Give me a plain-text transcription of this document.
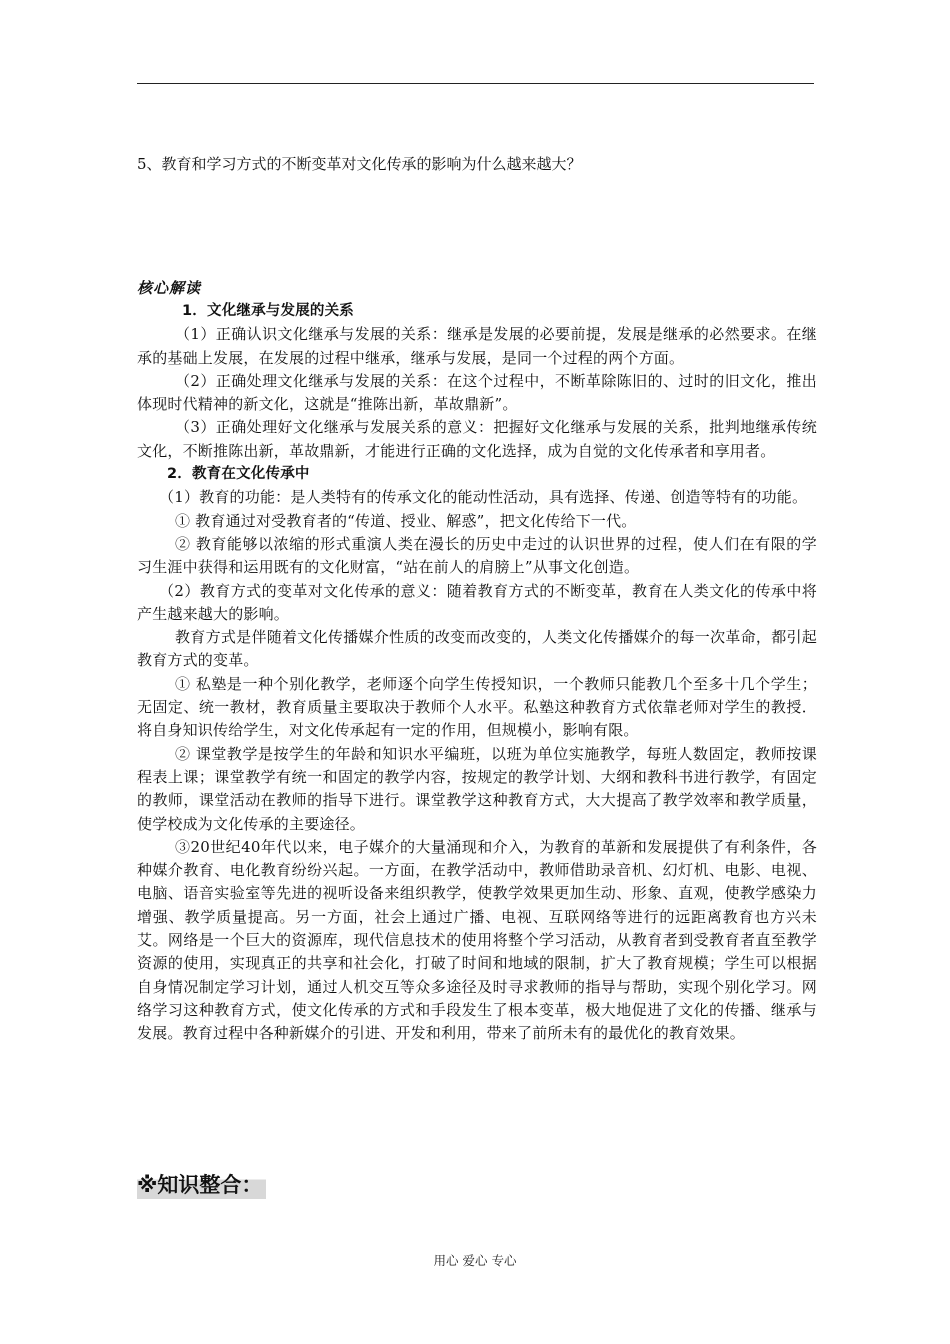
5、教育和学习方式的不断变革对文化传承的影响为什么越来越大？
核心解读

1．文化继承与发展的关系

（1）正确认识文化继承与发展的关系：继承是发展的必要前提，发展是继承的必然要求。在继承的基础上发展，在发展的过程中继承，继承与发展，是同一个过程的两个方面。

（2）正确处理文化继承与发展的关系：在这个过程中，不断革除陈旧的、过时的旧文化，推出体现时代精神的新文化，这就是“推陈出新，革故鼎新”。

（3）正确处理好文化继承与发展关系的意义：把握好文化继承与发展的关系，批判地继承传统文化，不断推陈出新，革故鼎新，才能进行正确的文化选择，成为自觉的文化传承者和享用者。

2．教育在文化传承中

（1）教育的功能：是人类特有的传承文化的能动性活动，具有选择、传递、创造等特有的功能。

① 教育通过对受教育者的“传道、授业、解惑”，把文化传给下一代。

② 教育能够以浓缩的形式重演人类在漫长的历史中走过的认识世界的过程，使人们在有限的学习生涯中获得和运用既有的文化财富，“站在前人的肩膀上”从事文化创造。

（2）教育方式的变革对文化传承的意义：随着教育方式的不断变革，教育在人类文化的传承中将产生越来越大的影响。

教育方式是伴随着文化传播媒介性质的改变而改变的，人类文化传播媒介的每一次革命，都引起教育方式的变革。

① 私塾是一种个别化教学，老师逐个向学生传授知识，一个教师只能教几个至多十几个学生；无固定、统一教材，教育质量主要取决于教师个人水平。私塾这种教育方式依靠老师对学生的教授．将自身知识传给学生，对文化传承起有一定的作用，但规模小，影响有限。

② 课堂教学是按学生的年龄和知识水平编班，以班为单位实施教学，每班人数固定，教师按课程表上课；课堂教学有统一和固定的教学内容，按规定的教学计划、大纲和教科书进行教学，有固定的教师，课堂活动在教师的指导下进行。课堂教学这种教育方式，大大提高了教学效率和教学质量，使学校成为文化传承的主要途径。

③20世纪40年代以来，电子媒介的大量涌现和介入，为教育的革新和发展提供了有利条件，各种媒介教育、电化教育纷纷兴起。一方面，在教学活动中，教师借助录音机、幻灯机、电影、电视、电脑、语音实验室等先进的视听设备来组织教学，使教学效果更加生动、形象、直观，使教学感染力增强、教学质量提高。另一方面，社会上通过广播、电视、互联网络等进行的远距离教育也方兴未艾。网络是一个巨大的资源库，现代信息技术的使用将整个学习活动，从教育者到受教育者直至教学资源的使用，实现真正的共享和社会化，打破了时间和地域的限制，扩大了教育规模；学生可以根据自身情况制定学习计划，通过人机交互等众多途径及时寻求教师的指导与帮助，实现个别化学习。网络学习这种教育方式，使文化传承的方式和手段发生了根本变革，极大地促进了文化的传播、继承与发展。教育过程中各种新媒介的引进、开发和利用，带来了前所未有的最优化的教育效果。

※知识整合：
用心 爱心 专心
